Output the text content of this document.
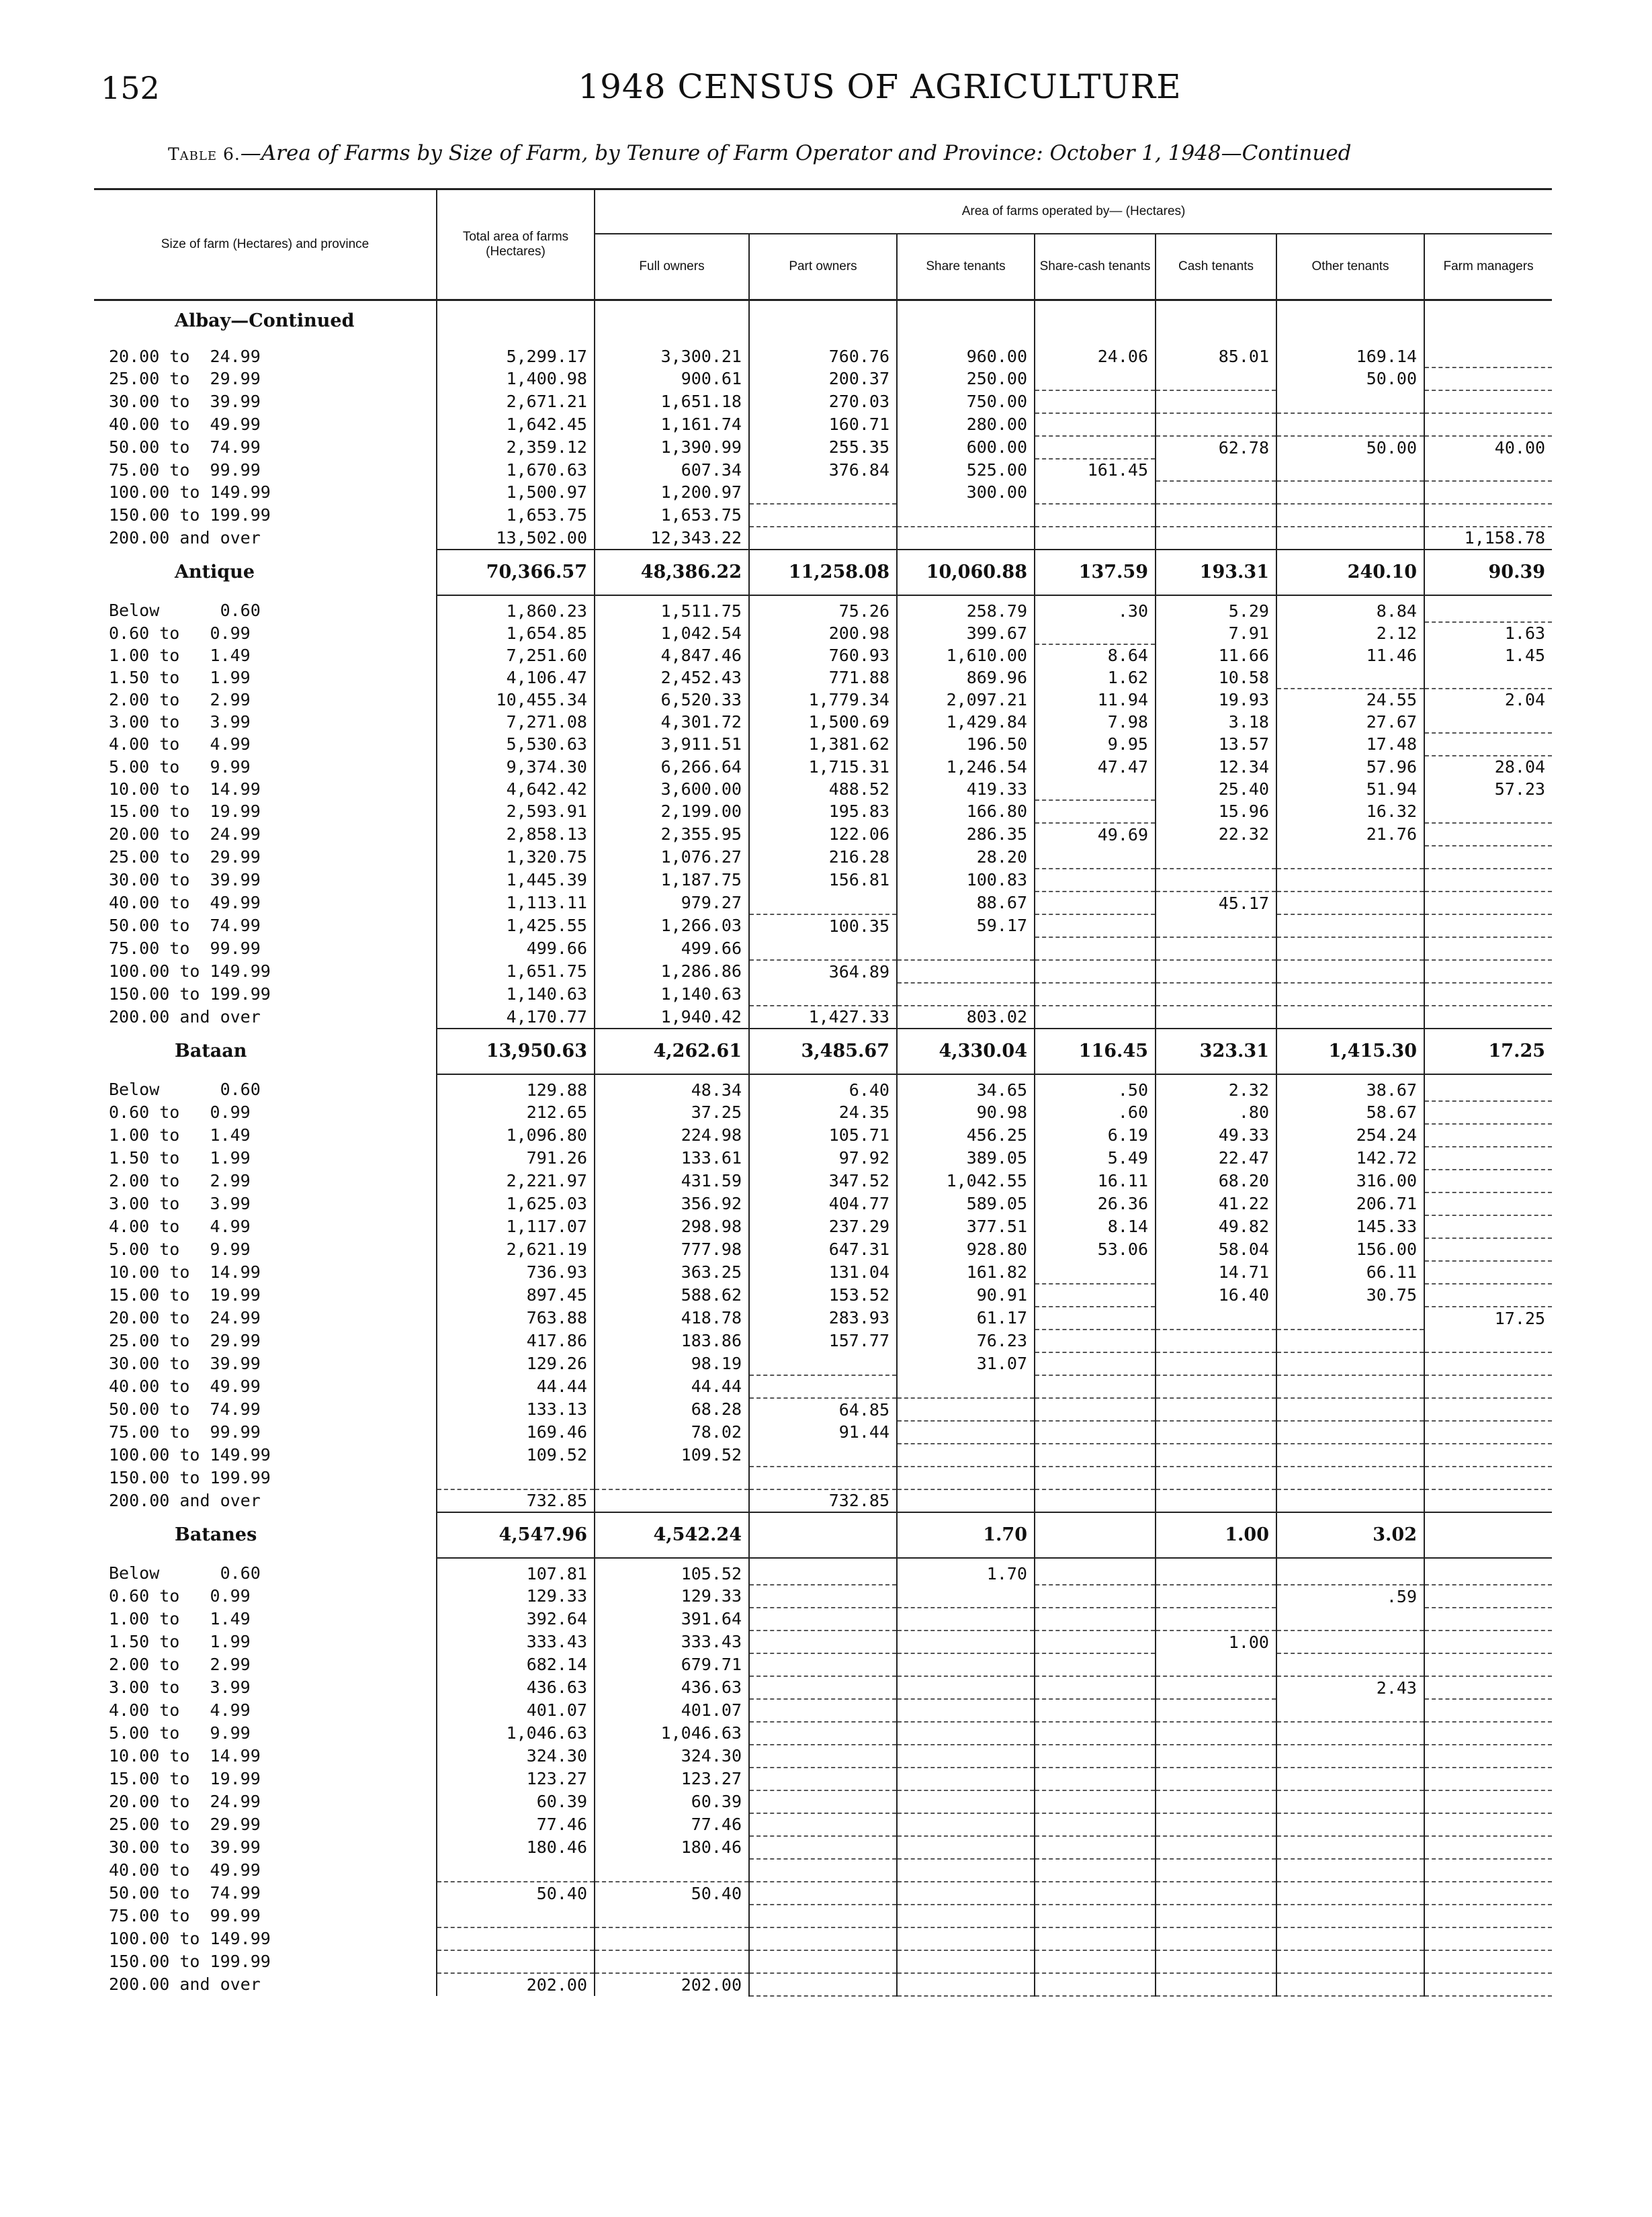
152	1948 CENSUS OF AGRICULTURE
Table 6.—Area of Farms by Size of Farm, by Tenure of Farm Operator and Province: October 1, 1948—Continued
Size of farm (Hectares) and province	Total area of farms (Hectares)	Area of farms operated by— (Hectares)						
		Full owners	Part owners	Share tenants	Share-cash tenants	Cash tenants	Other tenants	Farm managers
Albay—Continued								
20.00 to  24.99	5,299.17	3,300.21	760.76	960.00	24.06	85.01	169.14	
25.00 to  29.99	1,400.98	900.61	200.37	250.00			50.00	
30.00 to  39.99	2,671.21	1,651.18	270.03	750.00				
40.00 to  49.99	1,642.45	1,161.74	160.71	280.00				
50.00 to  74.99	2,359.12	1,390.99	255.35	600.00		62.78	50.00	40.00
75.00 to  99.99	1,670.63	607.34	376.84	525.00	161.45			
100.00 to 149.99	1,500.97	1,200.97		300.00				
150.00 to 199.99	1,653.75	1,653.75						
200.00 and over	13,502.00	12,343.22						1,158.78
Antique	70,366.57	48,386.22	11,258.08	10,060.88	137.59	193.31	240.10	90.39
Below      0.60	1,860.23	1,511.75	75.26	258.79	.30	5.29	8.84	
0.60 to   0.99	1,654.85	1,042.54	200.98	399.67		7.91	2.12	1.63
1.00 to   1.49	7,251.60	4,847.46	760.93	1,610.00	8.64	11.66	11.46	1.45
1.50 to   1.99	4,106.47	2,452.43	771.88	869.96	1.62	10.58		
2.00 to   2.99	10,455.34	6,520.33	1,779.34	2,097.21	11.94	19.93	24.55	2.04
3.00 to   3.99	7,271.08	4,301.72	1,500.69	1,429.84	7.98	3.18	27.67	
4.00 to   4.99	5,530.63	3,911.51	1,381.62	196.50	9.95	13.57	17.48	
5.00 to   9.99	9,374.30	6,266.64	1,715.31	1,246.54	47.47	12.34	57.96	28.04
10.00 to  14.99	4,642.42	3,600.00	488.52	419.33		25.40	51.94	57.23
15.00 to  19.99	2,593.91	2,199.00	195.83	166.80		15.96	16.32	
20.00 to  24.99	2,858.13	2,355.95	122.06	286.35	49.69	22.32	21.76	
25.00 to  29.99	1,320.75	1,076.27	216.28	28.20				
30.00 to  39.99	1,445.39	1,187.75	156.81	100.83				
40.00 to  49.99	1,113.11	979.27		88.67		45.17		
50.00 to  74.99	1,425.55	1,266.03	100.35	59.17				
75.00 to  99.99	499.66	499.66						
100.00 to 149.99	1,651.75	1,286.86	364.89					
150.00 to 199.99	1,140.63	1,140.63						
200.00 and over	4,170.77	1,940.42	1,427.33	803.02				
Bataan	13,950.63	4,262.61	3,485.67	4,330.04	116.45	323.31	1,415.30	17.25
Below      0.60	129.88	48.34	6.40	34.65	.50	2.32	38.67	
0.60 to   0.99	212.65	37.25	24.35	90.98	.60	.80	58.67	
1.00 to   1.49	1,096.80	224.98	105.71	456.25	6.19	49.33	254.24	
1.50 to   1.99	791.26	133.61	97.92	389.05	5.49	22.47	142.72	
2.00 to   2.99	2,221.97	431.59	347.52	1,042.55	16.11	68.20	316.00	
3.00 to   3.99	1,625.03	356.92	404.77	589.05	26.36	41.22	206.71	
4.00 to   4.99	1,117.07	298.98	237.29	377.51	8.14	49.82	145.33	
5.00 to   9.99	2,621.19	777.98	647.31	928.80	53.06	58.04	156.00	
10.00 to  14.99	736.93	363.25	131.04	161.82		14.71	66.11	
15.00 to  19.99	897.45	588.62	153.52	90.91		16.40	30.75	
20.00 to  24.99	763.88	418.78	283.93	61.17				17.25
25.00 to  29.99	417.86	183.86	157.77	76.23				
30.00 to  39.99	129.26	98.19		31.07				
40.00 to  49.99	44.44	44.44						
50.00 to  74.99	133.13	68.28	64.85					
75.00 to  99.99	169.46	78.02	91.44					
100.00 to 149.99	109.52	109.52						
150.00 to 199.99								
200.00 and over	732.85		732.85					
Batanes	4,547.96	4,542.24		1.70		1.00	3.02	
Below      0.60	107.81	105.52		1.70				
0.60 to   0.99	129.33	129.33					.59	
1.00 to   1.49	392.64	391.64						
1.50 to   1.99	333.43	333.43				1.00		
2.00 to   2.99	682.14	679.71						
3.00 to   3.99	436.63	436.63					2.43	
4.00 to   4.99	401.07	401.07						
5.00 to   9.99	1,046.63	1,046.63						
10.00 to  14.99	324.30	324.30						
15.00 to  19.99	123.27	123.27						
20.00 to  24.99	60.39	60.39						
25.00 to  29.99	77.46	77.46						
30.00 to  39.99	180.46	180.46						
40.00 to  49.99								
50.00 to  74.99	50.40	50.40						
75.00 to  99.99								
100.00 to 149.99								
150.00 to 199.99								
200.00 and over	202.00	202.00						
